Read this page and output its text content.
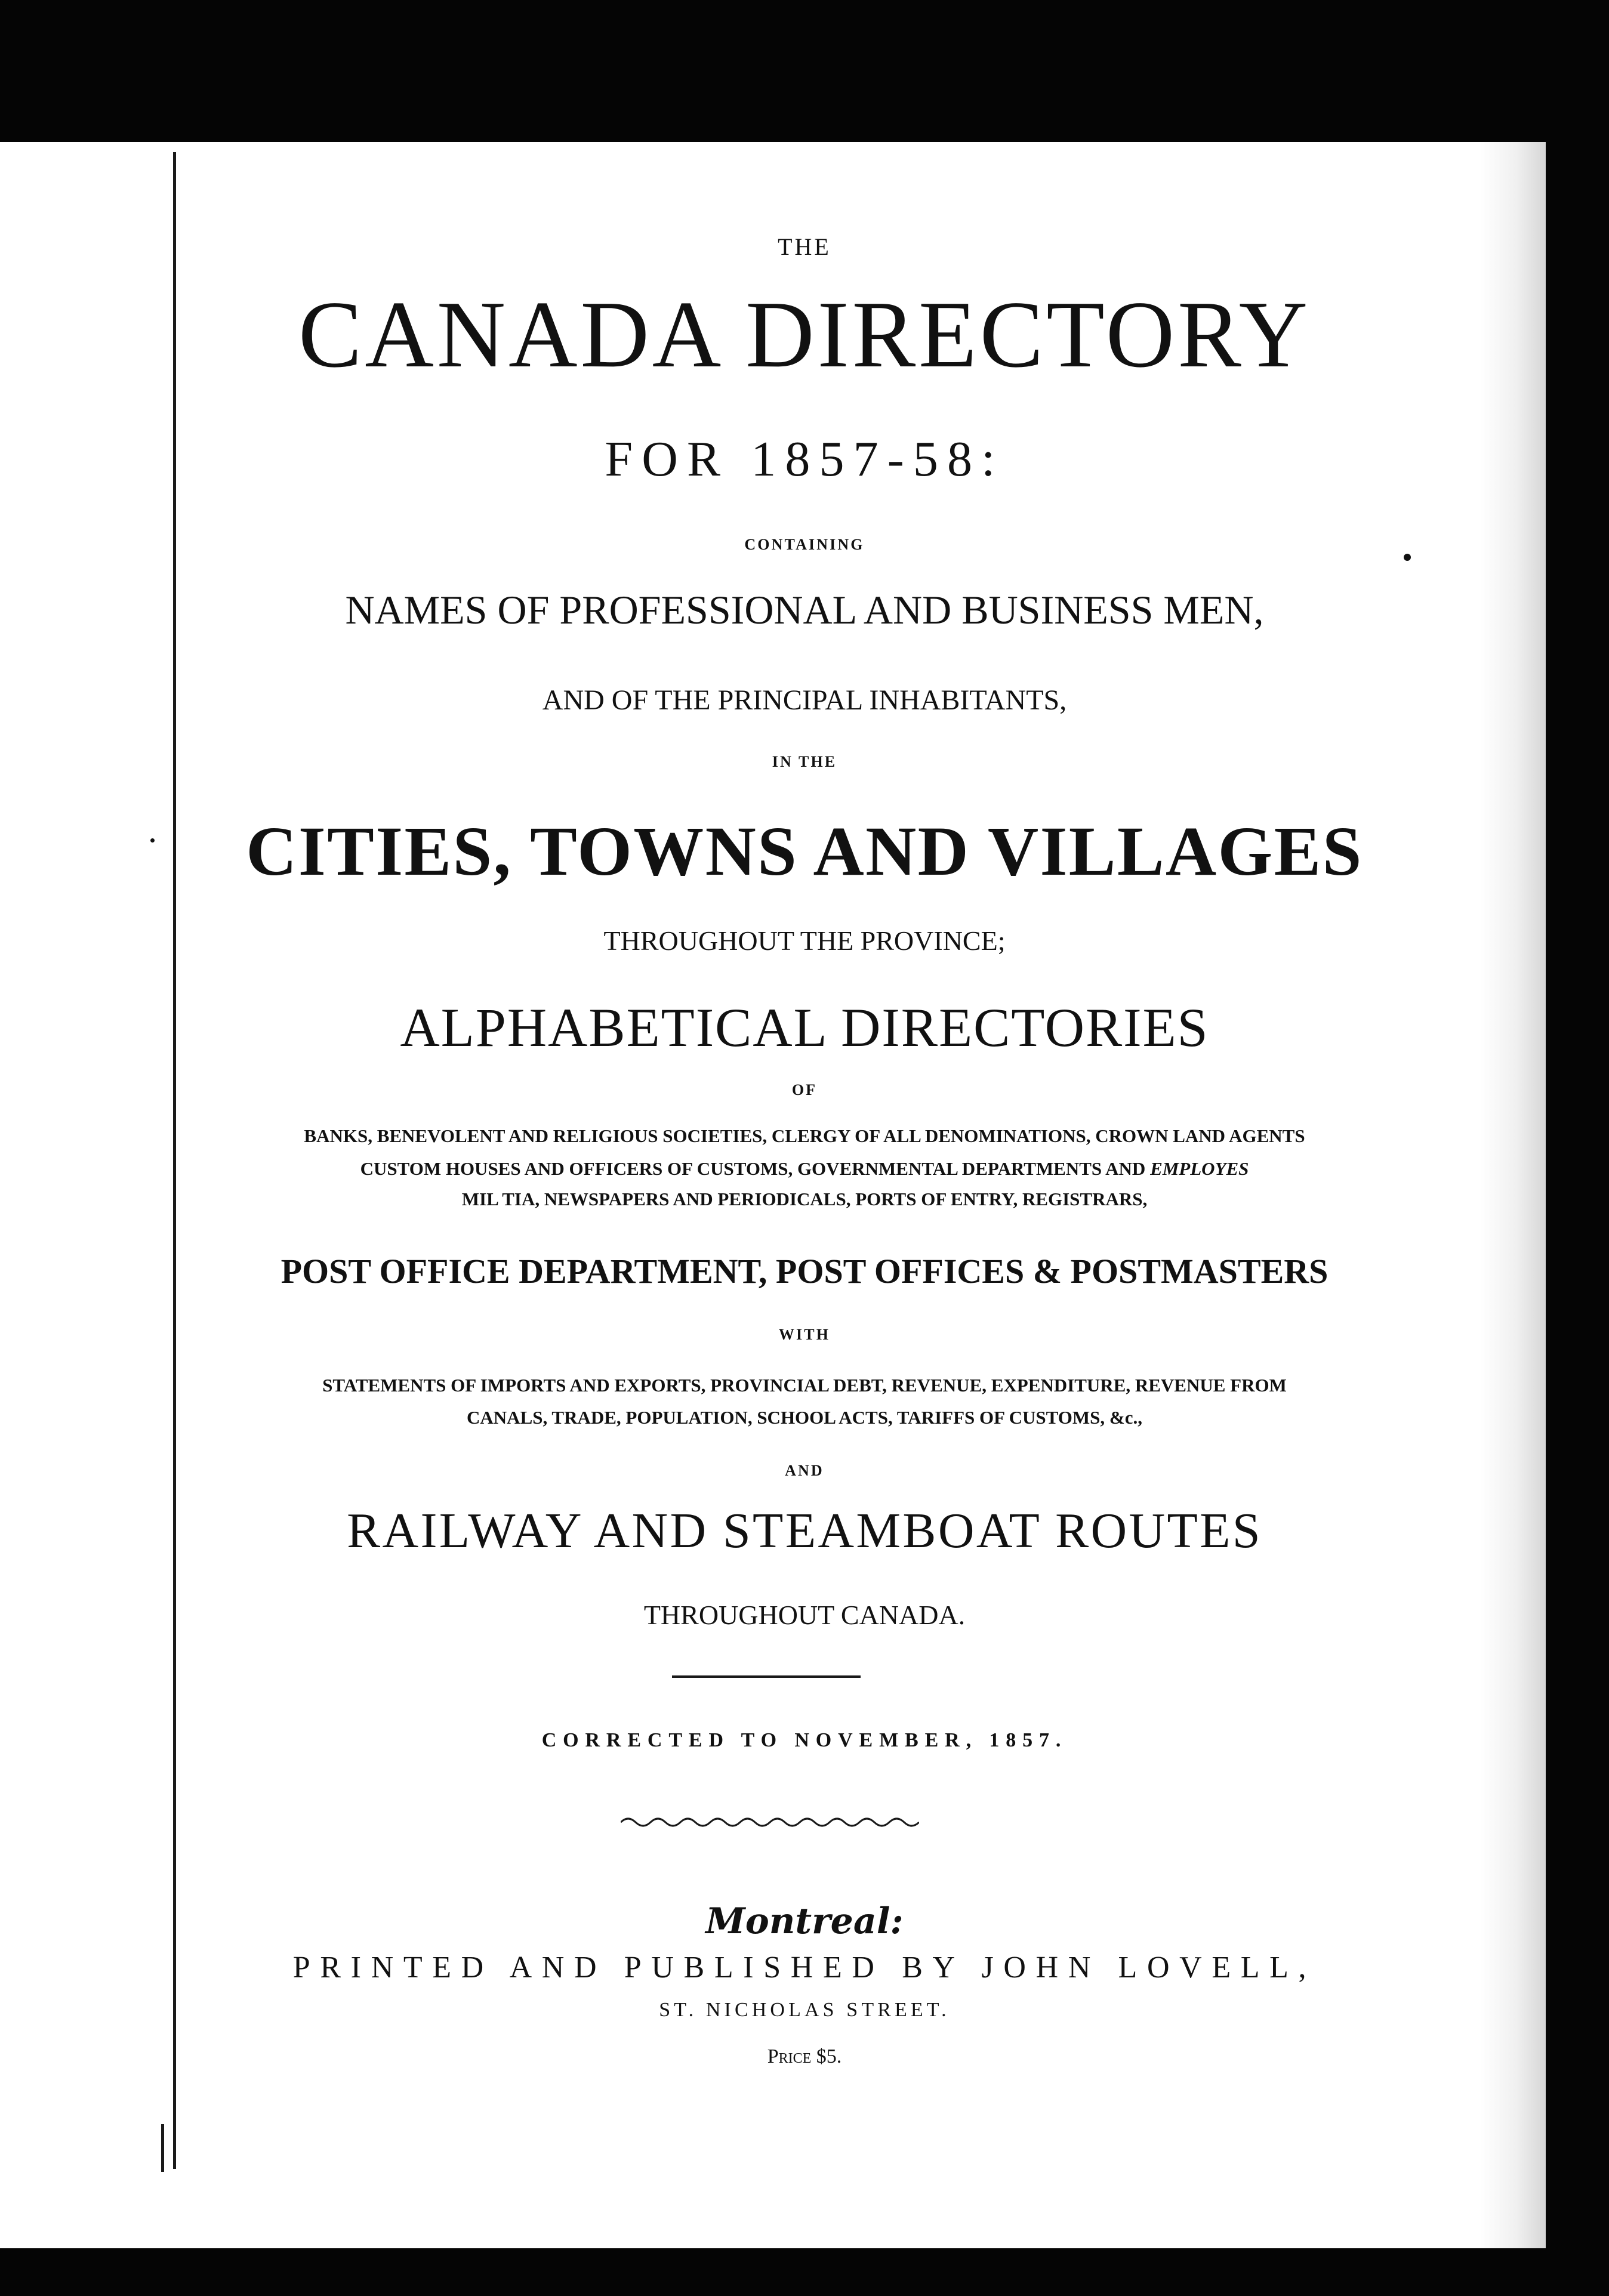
THE
CANADA DIRECTORY
FOR 1857-58:
CONTAINING
NAMES OF PROFESSIONAL AND BUSINESS MEN,
AND OF THE PRINCIPAL INHABITANTS,
IN THE
CITIES, TOWNS AND VILLAGES
THROUGHOUT THE PROVINCE;
ALPHABETICAL DIRECTORIES
OF
BANKS, BENEVOLENT AND RELIGIOUS SOCIETIES, CLERGY OF ALL DENOMINATIONS, CROWN LAND AGENTS
CUSTOM HOUSES AND OFFICERS OF CUSTOMS, GOVERNMENTAL DEPARTMENTS AND EMPLOYES
MIL TIA, NEWSPAPERS AND PERIODICALS, PORTS OF ENTRY, REGISTRARS,
POST OFFICE DEPARTMENT, POST OFFICES & POSTMASTERS
WITH
STATEMENTS OF IMPORTS AND EXPORTS, PROVINCIAL DEBT, REVENUE, EXPENDITURE, REVENUE FROM
CANALS, TRADE, POPULATION, SCHOOL ACTS, TARIFFS OF CUSTOMS, &c.,
AND
RAILWAY AND STEAMBOAT ROUTES
THROUGHOUT CANADA.
CORRECTED TO NOVEMBER, 1857.
Montreal:
PRINTED AND PUBLISHED BY JOHN LOVELL,
ST. NICHOLAS STREET.
Price $5.
